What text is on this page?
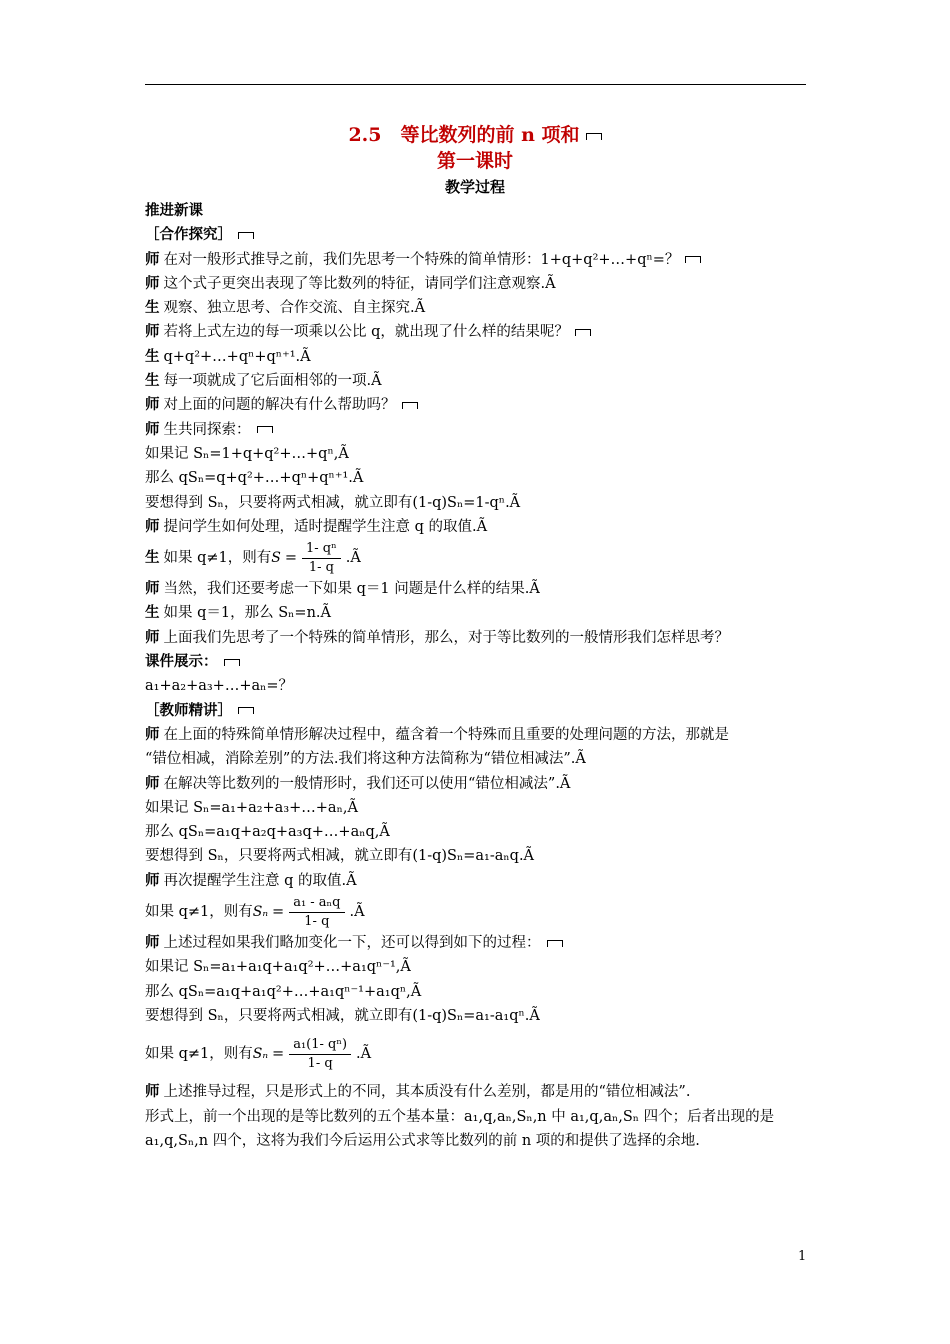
2.5　等比数列的前 n 项和
第一课时
教学过程
推进新课
［合作探究］
师 在对一般形式推导之前，我们先思考一个特殊的简单情形：1+q+q²+…+qⁿ=？
师 这个式子更突出表现了等比数列的特征，请同学们注意观察.Ã
生 观察、独立思考、合作交流、自主探究.Ã
师 若将上式左边的每一项乘以公比 q，就出现了什么样的结果呢？
生 q+q²+…+qⁿ+qⁿ⁺¹.Ã
生 每一项就成了它后面相邻的一项.Ã
师 对上面的问题的解决有什么帮助吗？
师 生共同探索：
如果记 Sₙ=1+q+q²+…+qⁿ,Ã
那么 qSₙ=q+q²+…+qⁿ+qⁿ⁺¹.Ã
要想得到 Sₙ，只要将两式相减，就立即有(1-q)Sₙ=1-qⁿ.Ã
师 提问学生如何处理，适时提醒学生注意 q 的取值.Ã
生 如果 q≠1，则有 $S = \frac{\text{1- qⁿ}}{1- q}$ .Ã
师 当然，我们还要考虑一下如果 q＝1 问题是什么样的结果.Ã
生 如果 q＝1，那么 Sₙ=n.Ã
师 上面我们先思考了一个特殊的简单情形，那么，对于等比数列的一般情形我们怎样思考？
课件展示：
a₁+a₂+a₃+…+aₙ=？
［教师精讲］
师 在上面的特殊简单情形解决过程中，蕴含着一个特殊而且重要的处理问题的方法，那就是
“错位相减，消除差别”的方法.我们将这种方法简称为“错位相减法”.Ã
师 在解决等比数列的一般情形时，我们还可以使用“错位相减法”.Ã
如果记 Sₙ=a₁+a₂+a₃+…+aₙ,Ã
那么 qSₙ=a₁q+a₂q+a₃q+…+aₙq,Ã
要想得到 Sₙ，只要将两式相减，就立即有(1-q)Sₙ=a₁-aₙq.Ã
师 再次提醒学生注意 q 的取值.Ã
如果 q≠1，则有 $S_n = \frac{\text{a₁ - aₙq}}{1- q}$ .Ã
师 上述过程如果我们略加变化一下，还可以得到如下的过程：
如果记 Sₙ=a₁+a₁q+a₁q²+…+a₁qⁿ⁻¹,Ã
那么 qSₙ=a₁q+a₁q²+…+a₁qⁿ⁻¹+a₁qⁿ,Ã
要想得到 Sₙ，只要将两式相减，就立即有(1-q)Sₙ=a₁-a₁qⁿ.Ã
如果 q≠1，则有 $S_n = \frac{\text{a₁(1- qⁿ)}}{1- q}$ .Ã
师 上述推导过程，只是形式上的不同，其本质没有什么差别，都是用的“错位相减法”.
形式上，前一个出现的是等比数列的五个基本量：a₁,q,aₙ,Sₙ,n 中 a₁,q,aₙ,Sₙ 四个；后者出现的是
a₁,q,Sₙ,n 四个，这将为我们今后运用公式求等比数列的前 n 项的和提供了选择的余地.
1
